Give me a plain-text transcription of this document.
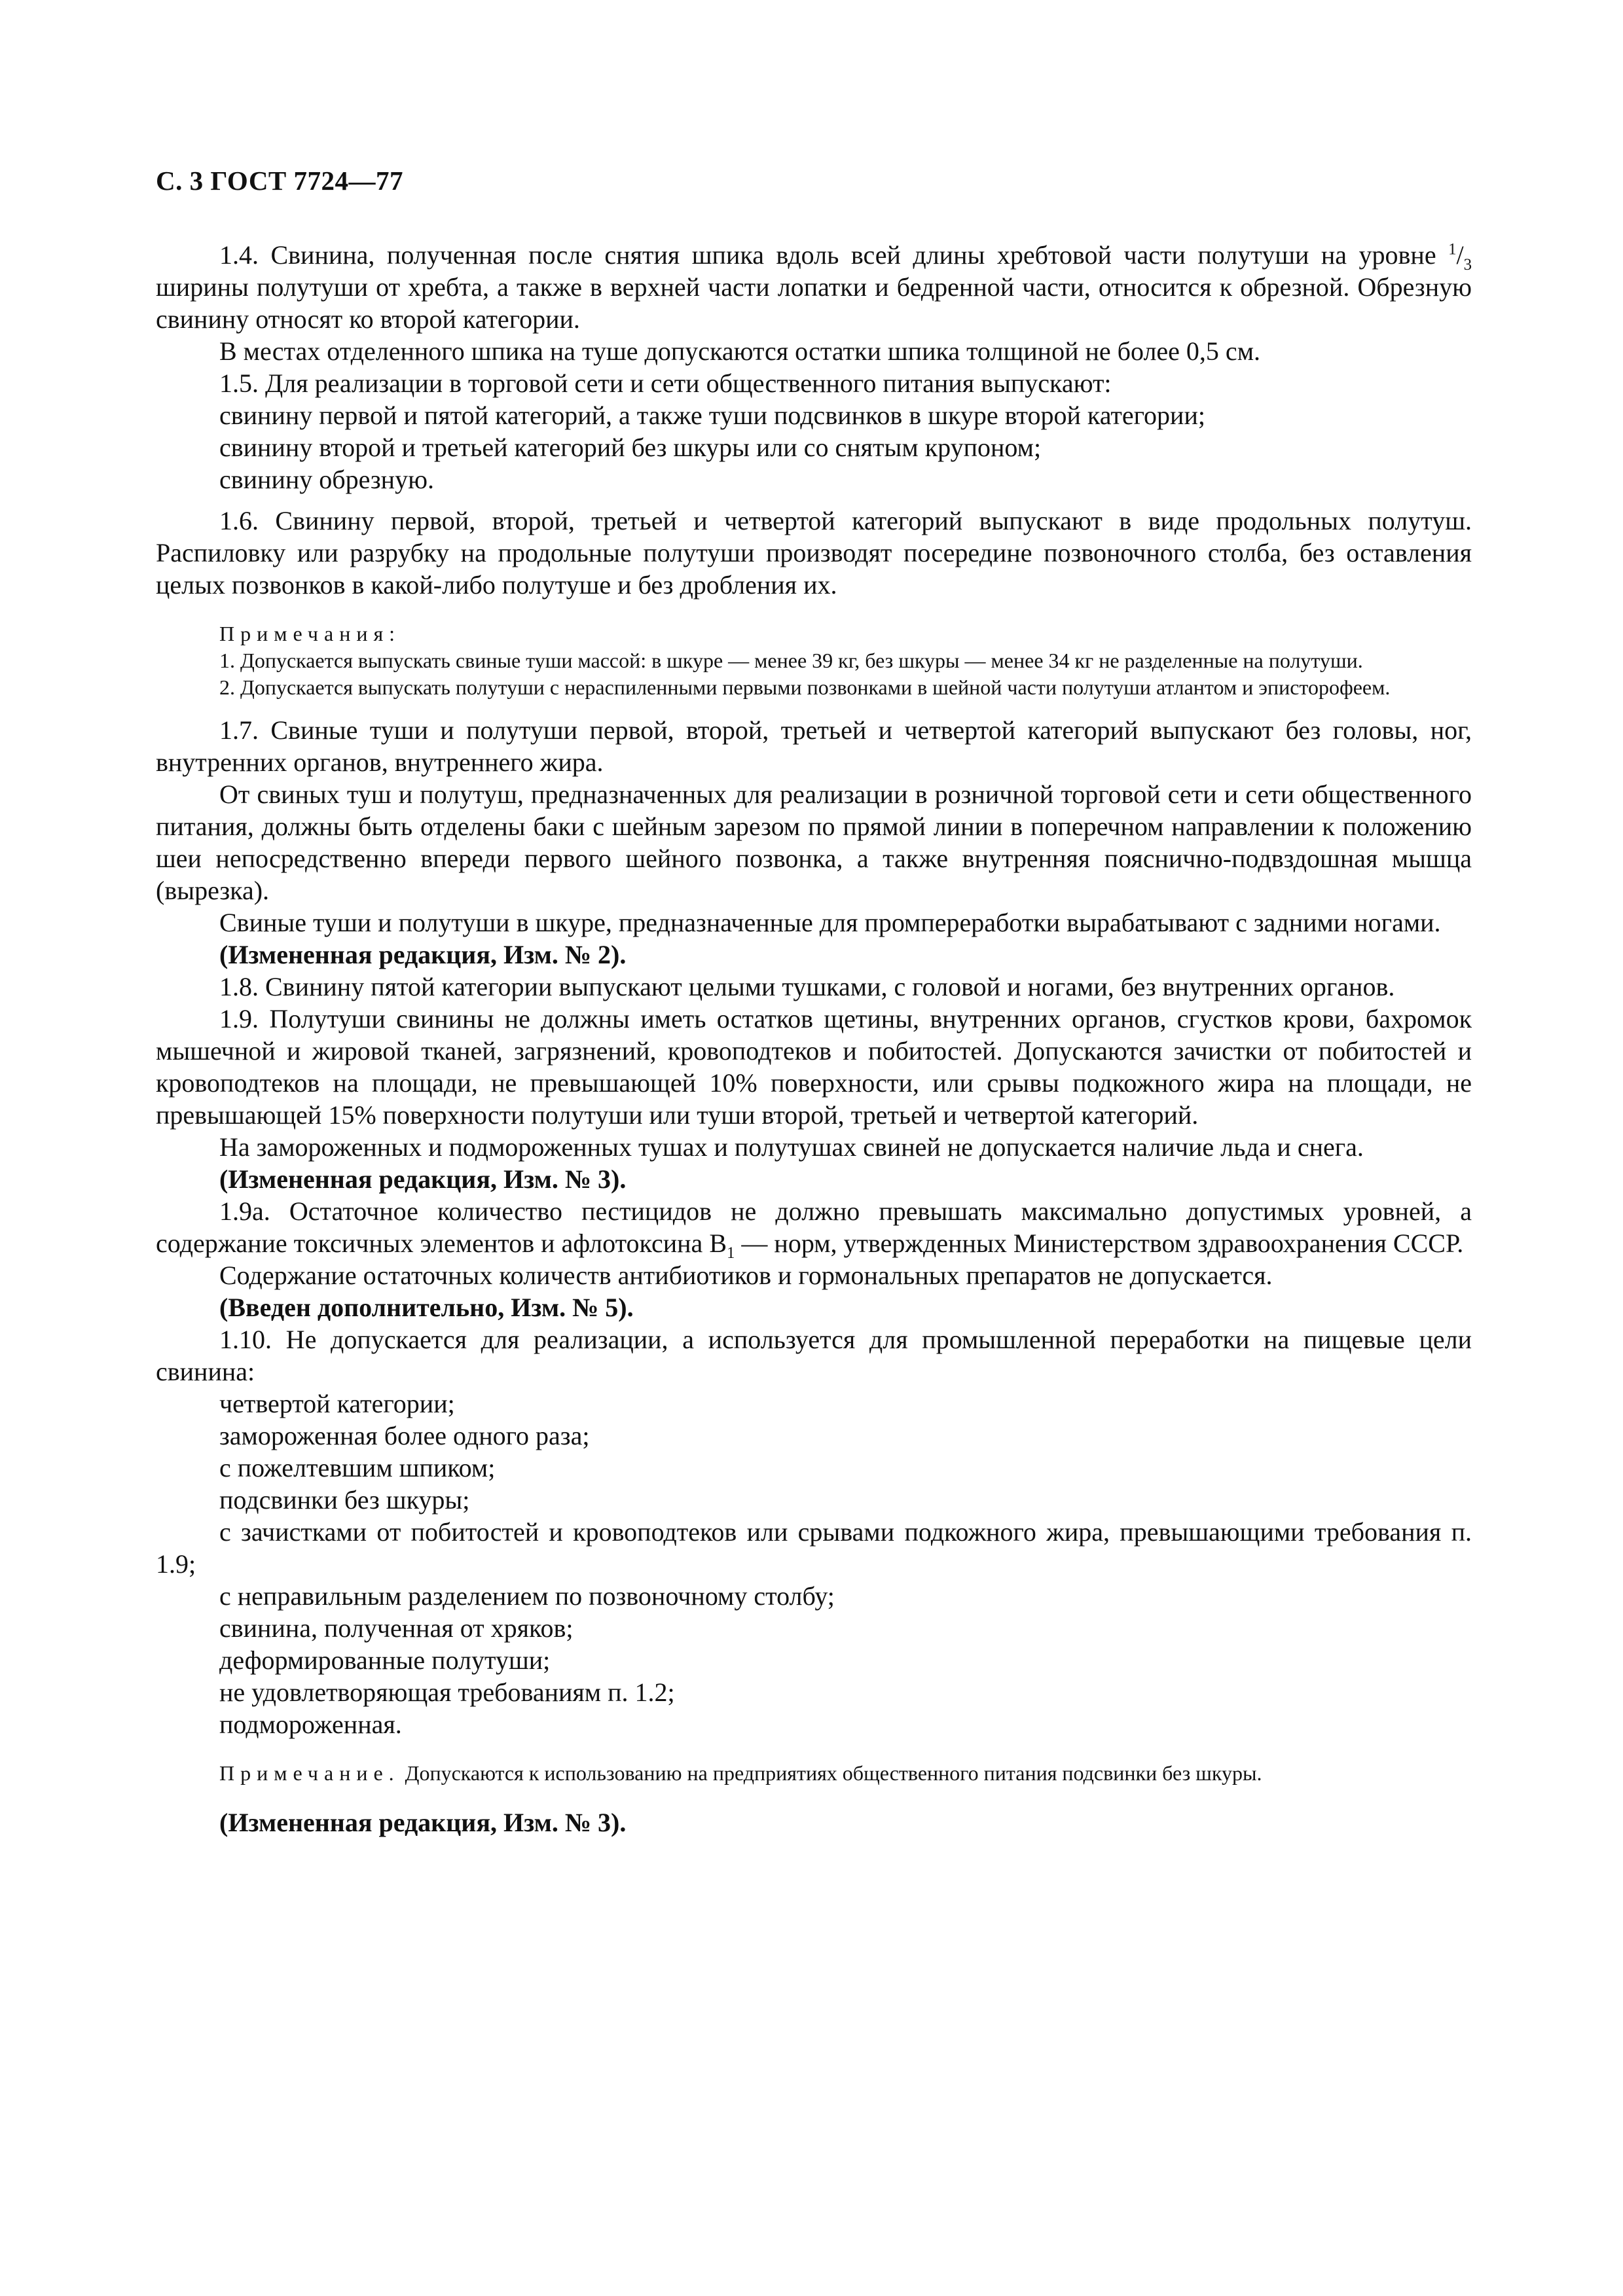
С. 3 ГОСТ 7724—77

1.4. Свинина, полученная после снятия шпика вдоль всей длины хребтовой части полутуши на уровне $^1/_3$ ширины полутуши от хребта, а также в верхней части лопатки и бедренной части, относится к обрезной. Обрезную свинину относят ко второй категории.

В местах отделенного шпика на туше допускаются остатки шпика толщиной не более 0,5 см.

1.5. Для реализации в торговой сети и сети общественного питания выпускают:

свинину первой и пятой категорий, а также туши подсвинков в шкуре второй категории;

свинину второй и третьей категорий без шкуры или со снятым крупоном;

свинину обрезную.

1.6. Свинину первой, второй, третьей и четвертой категорий выпускают в виде продольных полутуш. Распиловку или разрубку на продольные полутуши производят посередине позвоночного столба, без оставления целых позвонков в какой-либо полутуше и без дробления их.

Примечания:

1. Допускается выпускать свиные туши массой: в шкуре — менее 39 кг, без шкуры — менее 34 кг не разделенные на полутуши.

2. Допускается выпускать полутуши с нераспиленными первыми позвонками в шейной части полутуши атлантом и эписторофеем.

1.7. Свиные туши и полутуши первой, второй, третьей и четвертой категорий выпускают без головы, ног, внутренних органов, внутреннего жира.

От свиных туш и полутуш, предназначенных для реализации в розничной торговой сети и сети общественного питания, должны быть отделены баки с шейным зарезом по прямой линии в поперечном направлении к положению шеи непосредственно впереди первого шейного позвонка, а также внутренняя пояснично-подвздошная мышца (вырезка).

Свиные туши и полутуши в шкуре, предназначенные для промпереработки вырабатывают с задними ногами.

(Измененная редакция, Изм. № 2).

1.8. Свинину пятой категории выпускают целыми тушками, с головой и ногами, без внутренних органов.

1.9. Полутуши свинины не должны иметь остатков щетины, внутренних органов, сгустков крови, бахромок мышечной и жировой тканей, загрязнений, кровоподтеков и побитостей. Допускаются зачистки от побитостей и кровоподтеков на площади, не превышающей 10% поверхности, или срывы подкожного жира на площади, не превышающей 15% поверхности полутуши или туши второй, третьей и четвертой категорий.

На замороженных и подмороженных тушах и полутушах свиней не допускается наличие льда и снега.

(Измененная редакция, Изм. № 3).

1.9а. Остаточное количество пестицидов не должно превышать максимально допустимых уровней, а содержание токсичных элементов и афлотоксина $B_1$ — норм, утвержденных Министерством здравоохранения СССР.

Содержание остаточных количеств антибиотиков и гормональных препаратов не допускается.

(Введен дополнительно, Изм. № 5).

1.10. Не допускается для реализации, а используется для промышленной переработки на пищевые цели свинина:

четвертой категории;

замороженная более одного раза;

с пожелтевшим шпиком;

подсвинки без шкуры;

с зачистками от побитостей и кровоподтеков или срывами подкожного жира, превышающими требования п. 1.9;

с неправильным разделением по позвоночному столбу;

свинина, полученная от хряков;

деформированные полутуши;

не удовлетворяющая требованиям п. 1.2;

подмороженная.

Примечание. Допускаются к использованию на предприятиях общественного питания подсвинки без шкуры.

(Измененная редакция, Изм. № 3).
